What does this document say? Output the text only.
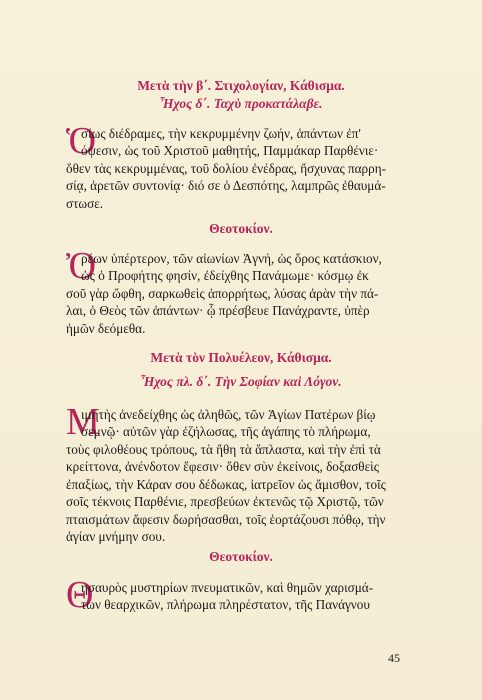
Μετὰ τὴν β΄. Στιχολογίαν, Κάθισμα.
Ἦχος δ΄. Ταχὺ προκατάλαβε.
Ὁ
σίως διέδραμες, τὴν κεκρυμμένην ζωήν, ἁπάντων ἐπ'
όψεσιν, ὡς τοῦ Χριστοῦ μαθητής, Παμμάκαρ Παρθένιε·
ὅθεν τὰς κεκρυμμένας, τοῦ δολίου ἐνέδρας, ἤσχυνας παρρη-
σίᾳ, ἀρετῶν συντονίᾳ· διό σε ὁ Δεσπότης, λαμπρῶς ἐθαυμά-
στωσε.
Θεοτοκίον.
Ὀ
ρέων ὑπέρτερον, τῶν αἰωνίων Ἁγνή, ὡς ὄρος κατάσκιον,
ὡς ὁ Προφήτης φησίν, ἐδείχθης Πανάμωμε· κόσμῳ ἐκ
σοῦ γὰρ ὤφθη, σαρκωθεὶς ἀπορρήτως, λύσας ἀρὰν τὴν πά-
λαι, ὁ Θεὸς τῶν ἁπάντων· ᾧ πρέσβευε Πανάχραντε, ὑπὲρ
ἡμῶν δεόμεθα.
Μετὰ τὸν Πολυέλεον, Κάθισμα.
Ἦχος πλ. δ΄. Τὴν Σοφίαν καὶ Λόγον.
Μ
ιμητὴς ἀνεδείχθης ὡς ἀληθῶς, τῶν Ἁγίων Πατέρων βίῳ
σεμνῷ· αὐτῶν γὰρ ἐζήλωσας, τῆς ἀγάπης τὸ πλήρωμα,
τοὺς φιλοθέους τρόπους, τὰ ἤθη τὰ ἄπλαστα, καὶ τὴν ἐπὶ τὰ
κρείττονα, ἀνένδοτον ἔφεσιν· ὅθεν σὺν ἐκείνοις, δοξασθεὶς
ἐπαξίως, τὴν Κάραν σου δέδωκας, ἰατρεῖον ὡς ἄμισθον, τοῖς
σοῖς τέκνοις Παρθένιε, πρεσβεύων ἐκτενῶς τῷ Χριστῷ, τῶν
πταισμάτων ἄφεσιν δωρήσασθαι, τοῖς ἑορτάζουσι πόθῳ, τὴν
ἁγίαν μνήμην σου.
Θεοτοκίον.
Θ
ησαυρὸς μυστηρίων πνευματικῶν, καὶ θημῶν χαρισμά-
των θεαρχικῶν, πλήρωμα πληρέστατον, τῆς Πανάγνου
45
